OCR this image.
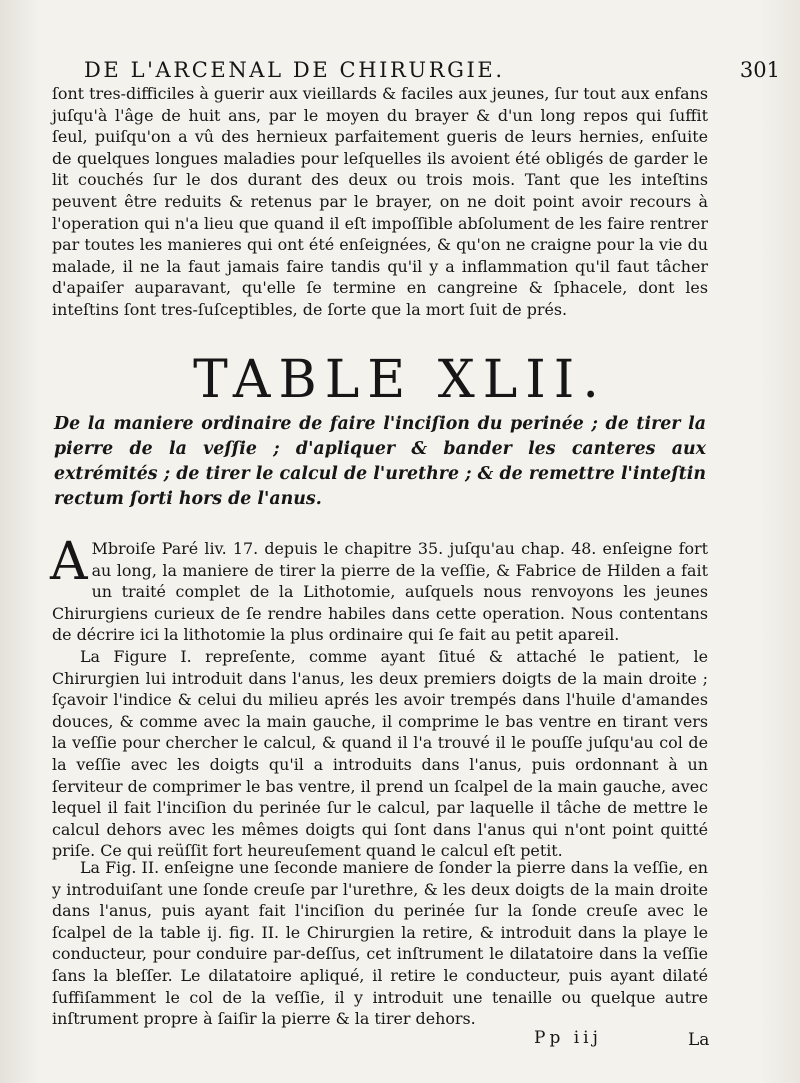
DE L'ARCENAL DE CHIRURGIE.	301

ſont tres-difficiles à guerir aux vieillards & faciles aux jeunes, ſur tout aux enfans juſqu'à l'âge de huit ans, par le moyen du brayer & d'un long repos qui ſuffit ſeul, puiſqu'on a vû des hernieux parfaitement gueris de leurs hernies, enſuite de quelques longues maladies pour leſquelles ils avoient été obligés de garder le lit couchés ſur le dos durant des deux ou trois mois. Tant que les inteſtins peuvent être reduits & retenus par le brayer, on ne doit point avoir recours à l'operation qui n'a lieu que quand il eſt impoſſible abſolument de les faire rentrer par toutes les manieres qui ont été enſeignées, & qu'on ne craigne pour la vie du malade, il ne la faut jamais faire tandis qu'il y a inflammation qu'il faut tâcher d'apaiſer auparavant, qu'elle ſe termine en cangreine & ſphacele, dont les inteſtins ſont tres-ſuſceptibles, de ſorte que la mort ſuit de prés.

TABLE XLII.

De la maniere ordinaire de faire l'inciſion du perinée ; de tirer la pierre de la veſſie ; d'apliquer & bander les canteres aux extrémités ; de tirer le calcul de l'urethre ; & de remettre l'inteſtin rectum ſorti hors de l'anus.

A Mbroiſe Paré liv. 17. depuis le chapitre 35. juſqu'au chap. 48. enſeigne fort au long, la maniere de tirer la pierre de la veſſie, & Fabrice de Hilden a fait un traité complet de la Lithotomie, auſquels nous renvoyons les jeunes Chirurgiens curieux de ſe rendre habiles dans cette operation. Nous contentans de décrire ici la lithotomie la plus ordinaire qui ſe fait au petit apareil.

La Figure I. repreſente, comme ayant ſitué & attaché le patient, le Chirurgien lui introduit dans l'anus, les deux premiers doigts de la main droite ; ſçavoir l'indice & celui du milieu aprés les avoir trempés dans l'huile d'amandes douces, & comme avec la main gauche, il comprime le bas ventre en tirant vers la veſſie pour chercher le calcul, & quand il l'a trouvé il le pouſſe juſqu'au col de la veſſie avec les doigts qu'il a introduits dans l'anus, puis ordonnant à un ſerviteur de comprimer le bas ventre, il prend un ſcalpel de la main gauche, avec lequel il fait l'inciſion du perinée ſur le calcul, par laquelle il tâche de mettre le calcul dehors avec les mêmes doigts qui ſont dans l'anus qui n'ont point quitté priſe. Ce qui reüſſit fort heureuſement quand le calcul eſt petit.

La Fig. II. enſeigne une ſeconde maniere de ſonder la pierre dans la veſſie, en y introduiſant une ſonde creuſe par l'urethre, & les deux doigts de la main droite dans l'anus, puis ayant fait l'inciſion du perinée ſur la ſonde creuſe avec le ſcalpel de la table ij. fig. II. le Chirurgien la retire, & introduit dans la playe le conducteur, pour conduire par-deſſus, cet inſtrument le dilatatoire dans la veſſie ſans la bleſſer. Le dilatatoire apliqué, il retire le conducteur, puis ayant dilaté ſuffiſamment le col de la veſſie, il y introduit une tenaille ou quelque autre inſtrument propre à ſaiſir la pierre & la tirer dehors.

Pp iij	La
